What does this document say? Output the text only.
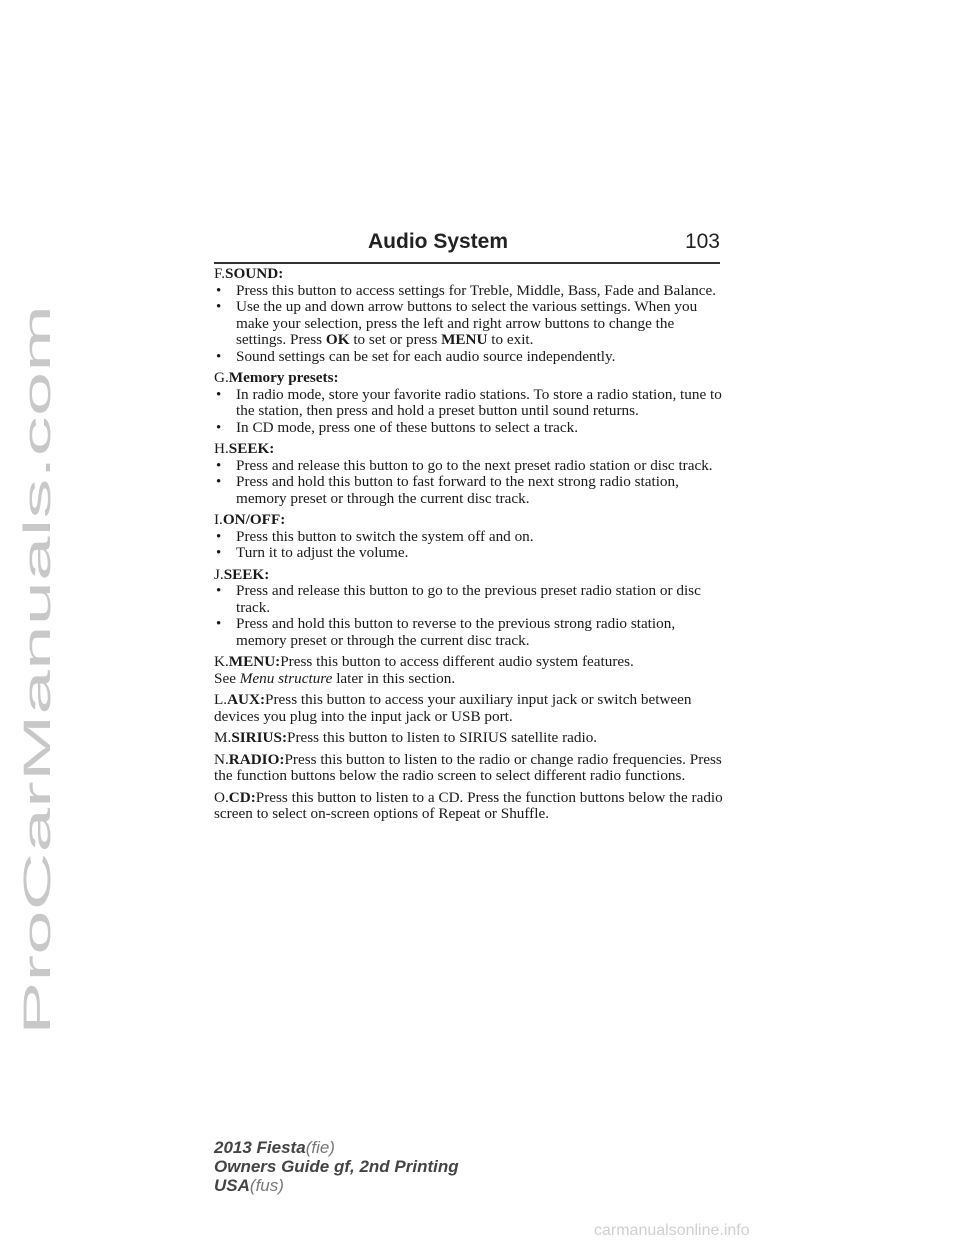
ProCarManuals.com
Audio System	103
F.SOUND:
• Press this button to access settings for Treble, Middle, Bass, Fade and Balance.
• Use the up and down arrow buttons to select the various settings. When you make your selection, press the left and right arrow buttons to change the settings. Press OK to set or press MENU to exit.
• Sound settings can be set for each audio source independently.
G.Memory presets:
• In radio mode, store your favorite radio stations. To store a radio station, tune to the station, then press and hold a preset button until sound returns.
• In CD mode, press one of these buttons to select a track.
H.SEEK:
• Press and release this button to go to the next preset radio station or disc track.
• Press and hold this button to fast forward to the next strong radio station, memory preset or through the current disc track.
I.ON/OFF:
• Press this button to switch the system off and on.
• Turn it to adjust the volume.
J.SEEK:
• Press and release this button to go to the previous preset radio station or disc track.
• Press and hold this button to reverse to the previous strong radio station, memory preset or through the current disc track.

K.MENU:Press this button to access different audio system features.

See Menu structure later in this section.

L.AUX:Press this button to access your auxiliary input jack or switch between devices you plug into the input jack or USB port.

M.SIRIUS:Press this button to listen to SIRIUS satellite radio.

N.RADIO:Press this button to listen to the radio or change radio frequencies. Press the function buttons below the radio screen to select different radio functions.

O.CD:Press this button to listen to a CD. Press the function buttons below the radio screen to select on-screen options of Repeat or Shuffle.

2013 Fiesta(fie)
Owners Guide gf, 2nd Printing
USA(fus)
carmanualsonline.info
